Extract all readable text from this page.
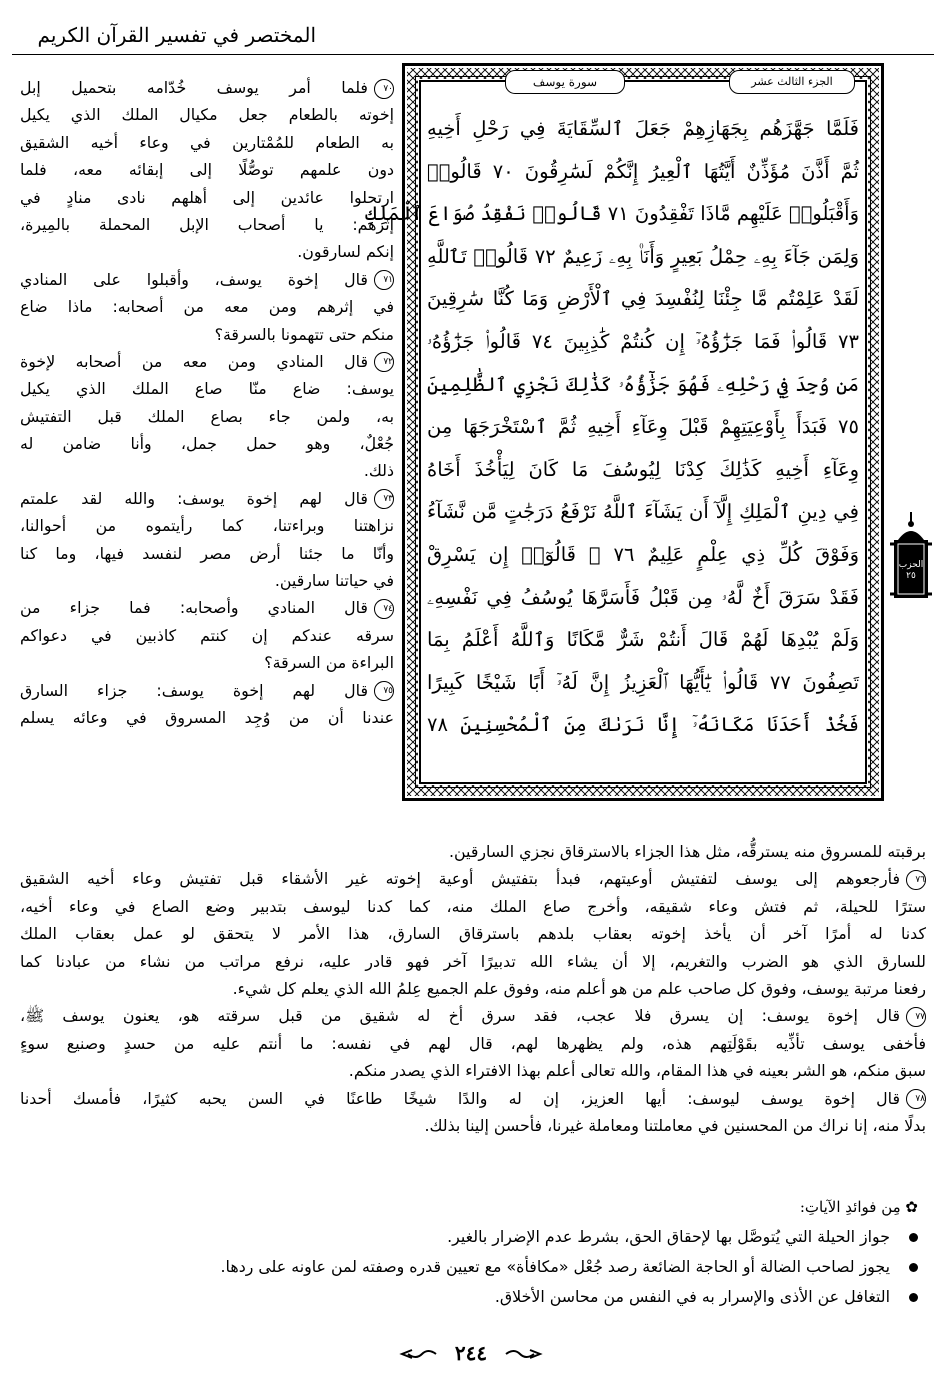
المختصر في تفسير القرآن الكريم
سورة يوسف	الجزء الثالث عشر
فَلَمَّا جَهَّزَهُم بِجَهَازِهِمْ جَعَلَ ٱلسِّقَايَةَ فِي رَحْلِ أَخِيهِ
ثُمَّ أَذَّنَ مُؤَذِّنٌ أَيَّتُهَا ٱلْعِيرُ إِنَّكُمْ لَسَٰرِقُونَ ٧٠ قَالُوا۟
وَأَقْبَلُوا۟ عَلَيْهِم مَّاذَا تَفْقِدُونَ ٧١ قَالُوا۟ نَفْقِدُ صُوَاعَ ٱلْمَلِكِ
وَلِمَن جَآءَ بِهِۦ حِمْلُ بَعِيرٍ وَأَنَا۠ بِهِۦ زَعِيمٌ ٧٢ قَالُوا۟ تَٱللَّهِ
لَقَدْ عَلِمْتُم مَّا جِئْنَا لِنُفْسِدَ فِي ٱلْأَرْضِ وَمَا كُنَّا سَٰرِقِينَ
٧٣ قَالُوا۟ فَمَا جَزَٰٓؤُهُۥٓ إِن كُنتُمْ كَٰذِبِينَ ٧٤ قَالُوا۟ جَزَٰٓؤُهُۥ
مَن وُجِدَ فِي رَحْلِهِۦ فَهُوَ جَزَٰٓؤُهُۥ كَذَٰلِكَ نَجْزِي ٱلظَّٰلِمِينَ
٧٥ فَبَدَأَ بِأَوْعِيَتِهِمْ قَبْلَ وِعَآءِ أَخِيهِ ثُمَّ ٱسْتَخْرَجَهَا مِن
وِعَآءِ أَخِيهِ كَذَٰلِكَ كِدْنَا لِيُوسُفَ مَا كَانَ لِيَأْخُذَ أَخَاهُ
فِي دِينِ ٱلْمَلِكِ إِلَّآ أَن يَشَآءَ ٱللَّهُ نَرْفَعُ دَرَجَٰتٍ مَّن نَّشَآءُ
وَفَوْقَ كُلِّ ذِي عِلْمٍ عَلِيمٌ ٧٦ ۞ قَالُوٓا۟ إِن يَسْرِقْ
فَقَدْ سَرَقَ أَخٌ لَّهُۥ مِن قَبْلُ فَأَسَرَّهَا يُوسُفُ فِي نَفْسِهِۦ
وَلَمْ يُبْدِهَا لَهُمْ قَالَ أَنتُمْ شَرٌّ مَّكَانًا وَٱللَّهُ أَعْلَمُ بِمَا
تَصِفُونَ ٧٧ قَالُوا۟ يَٰٓأَيُّهَا ٱلْعَزِيزُ إِنَّ لَهُۥٓ أَبًا شَيْخًا كَبِيرًا
فَخُذْ أَحَدَنَا مَكَانَهُۥٓ إِنَّا نَرَىٰكَ مِنَ ٱلْمُحْسِنِينَ ٧٨
الحزب ٢٥
٧٠فلما أمر يوسف خُدّامه بتحميل إبل
إخوته بالطعام جعل مكيال الملك الذي يكيل
به الطعام للمُمْتارين في وعاء أخيه الشقيق
دون علمهم توصُّلًا إلى إبقائه معه، فلما
ارتحلوا عائدين إلى أهلهم نادى منادٍ في
إثرهم: يا أصحاب الإبل المحملة بالمِيرة،
إنكم لسارقون.
٧١قال إخوة يوسف، وأقبلوا على المنادي
في إثرهم ومن معه من أصحابه: ماذا ضاع
منكم حتى تتهمونا بالسرقة؟
٧٢قال المنادي ومن معه من أصحابه لإخوة
يوسف: ضاع منّا صاع الملك الذي يكيل
به، ولمن جاء بصاع الملك قبل التفتيش
جُعْلٌ، وهو حمل جمل، وأنا ضامن له
ذلك.
٧٣قال لهم إخوة يوسف: والله لقد علمتم
نزاهتنا وبراءتنا، كما رأيتموه من أحوالنا،
وأنّا ما جئنا أرض مصر لنفسد فيها، وما كنا
في حياتنا سارقين.
٧٤قال المنادي وأصحابه: فما جزاء من
سرقه عندكم إن كنتم كاذبين في دعواكم
البراءة من السرقة؟
٧٥قال لهم إخوة يوسف: جزاء السارق
عندنا أن من وُجِد المسروق في وعائه يسلم
برقبته للمسروق منه يسترقُّه، مثل هذا الجزاء بالاسترقاق نجزي السارقين.
٧٦فأرجعوهم إلى يوسف لتفتيش أوعيتهم، فبدأ بتفتيش أوعية إخوته غير الأشقاء قبل تفتيش وعاء أخيه الشقيق
سترًا للحيلة، ثم فتش وعاء شقيقه، وأخرج صاع الملك منه، كما كدنا ليوسف بتدبير وضع الصاع في وعاء أخيه،
كدنا له أمرًا آخر أن يأخذ إخوته بعقاب بلدهم باسترقاق السارق، هذا الأمر لا يتحقق لو عمل بعقاب الملك
للسارق الذي هو الضرب والتغريم، إلا أن يشاء الله تدبيرًا آخر فهو قادر عليه، نرفع مراتب من نشاء من عبادنا كما
رفعنا مرتبة يوسف، وفوق كل صاحب علم من هو أعلم منه، وفوق علم الجميع عِلمُ الله الذي يعلم كل شيء.
٧٧قال إخوة يوسف: إن يسرق فلا عجب، فقد سرق أخ له شقيق من قبل سرقته هو، يعنون يوسف ﷺ،
فأخفى يوسف تأذِّيه بقَوْلَتِهم هذه، ولم يظهرها لهم، قال لهم في نفسه: ما أنتم عليه من حسدٍ وصنيع سوءٍ
سبق منكم، هو الشر بعينه في هذا المقام، والله تعالى أعلم بهذا الافتراء الذي يصدر منكم.
٧٨قال إخوة يوسف ليوسف: أيها العزيز، إن له والدًا شيخًا طاعنًا في السن يحبه كثيرًا، فأمسك أحدنا
بدلًا منه، إنا نراك من المحسنين في معاملتنا ومعاملة غيرنا، فأحسن إلينا بذلك.
✿ مِن فوائدِ الآياتِ:
جواز الحيلة التي يُتوصَّل بها لإحقاق الحق، بشرط عدم الإضرار بالغير.
يجوز لصاحب الضالة أو الحاجة الضائعة رصد جُعْل «مكافأة» مع تعيين قدره وصفته لمن عاونه على ردها.
التغافل عن الأذى والإسرار به في النفس من محاسن الأخلاق.
٢٤٤
